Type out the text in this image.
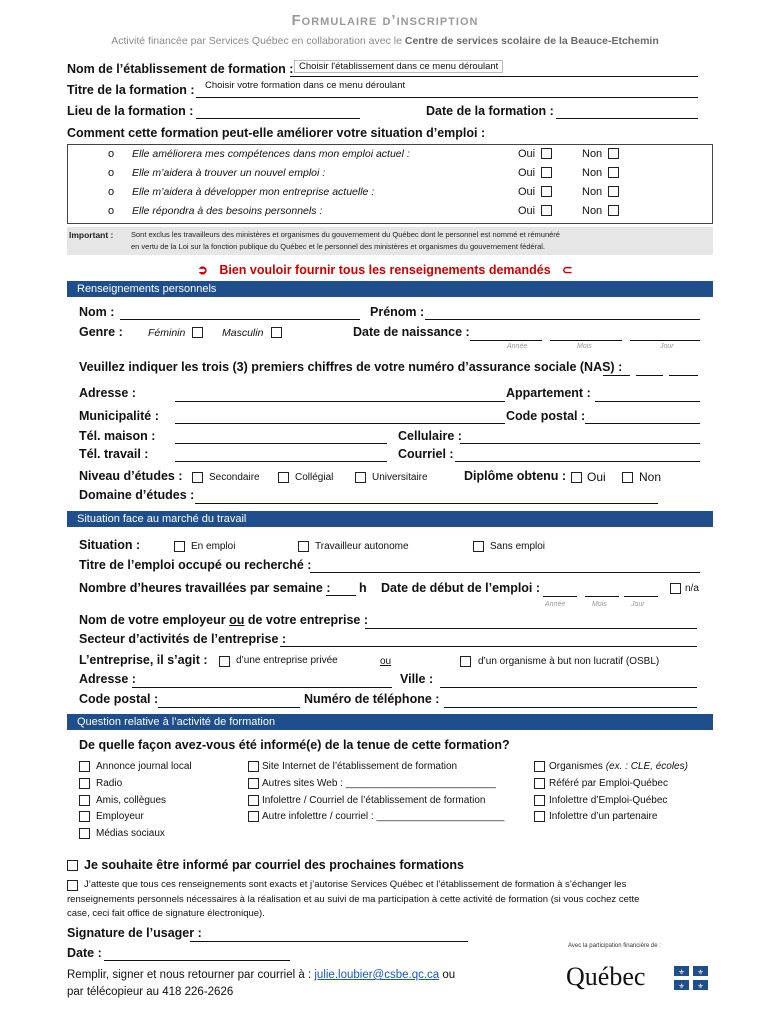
Formulaire d’inscription
Activité financée par Services Québec en collaboration avec le Centre de services scolaire de la Beauce-Etchemin
Nom de l’établissement de formation : Choisir l'établissement dans ce menu déroulant
Titre de la formation : Choisir votre formation dans ce menu déroulant
Lieu de la formation :	Date de la formation :
Comment cette formation peut-elle améliorer votre situation d’emploi :
o Elle améliorera mes compétences dans mon emploi actuel :	Oui	Non
o Elle m’aidera à trouver un nouvel emploi :	Oui	Non
o Elle m’aidera à développer mon entreprise actuelle :	Oui	Non
o Elle répondra à des besoins personnels :	Oui	Non
Important : Sont exclus les travailleurs des ministères et organismes du gouvernement du Québec dont le personnel est nommé et rémunéré
en vertu de la Loi sur la fonction publique du Québec et le personnel des ministères et organismes du gouvernement fédéral.
➲ Bien vouloir fournir tous les renseignements demandés ⊂
Renseignements personnels
Nom :	Prénom :
Genre : Féminin	Masculin	Date de naissance :
Année	Mois	Jour
Veuillez indiquer les trois (3) premiers chiffres de votre numéro d’assurance sociale (NAS) :
Adresse :	Appartement :
Municipalité :	Code postal :
Tél. maison :	Cellulaire :
Tél. travail :	Courriel :
Niveau d’études :	Secondaire	Collégial	Universitaire	Diplôme obtenu : Oui	Non
Domaine d’études :
Situation face au marché du travail
Situation :	En emploi	Travailleur autonome	Sans emploi
Titre de l’emploi occupé ou recherché :
Nombre d’heures travaillées par semaine : h Date de début de l’emploi :	n/a
Année	Mois	Jour
Nom de votre employeur ou de votre entreprise :
Secteur d’activités de l’entreprise :
L’entreprise, il s’agit :	d’une entreprise privée	ou	d’un organisme à but non lucratif (OSBL)
Adresse :	Ville :
Code postal :	Numéro de téléphone :
Question relative à l’activité de formation
De quelle façon avez-vous été informé(e) de la tenue de cette formation?
Annonce journal local
Radio
Amis, collègues
Employeur
Médias sociaux
Site Internet de l’établissement de formation
Autres sites Web : ___________________________
Infolettre / Courriel de l’établissement de formation
Autre infolettre / courriel : _______________________
Organismes (ex. : CLE, écoles)
Référé par Emploi-Québec
Infolettre d’Emploi-Québec
Infolettre d’un partenaire
Je souhaite être informé par courriel des prochaines formations
J’atteste que tous ces renseignements sont exacts et j’autorise Services Québec et l’établissement de formation à s’échanger les
renseignements personnels nécessaires à la réalisation et au suivi de ma participation à cette activité de formation (si vous cochez cette
case, ceci fait office de signature électronique).
Signature de l’usager :
Date :
Remplir, signer et nous retourner par courriel à : julie.loubier@csbe.qc.ca ou
par télécopieur au 418 226-2626
Avec la participation financière de :
Québec	⚜ ⚜
⚜ ⚜
